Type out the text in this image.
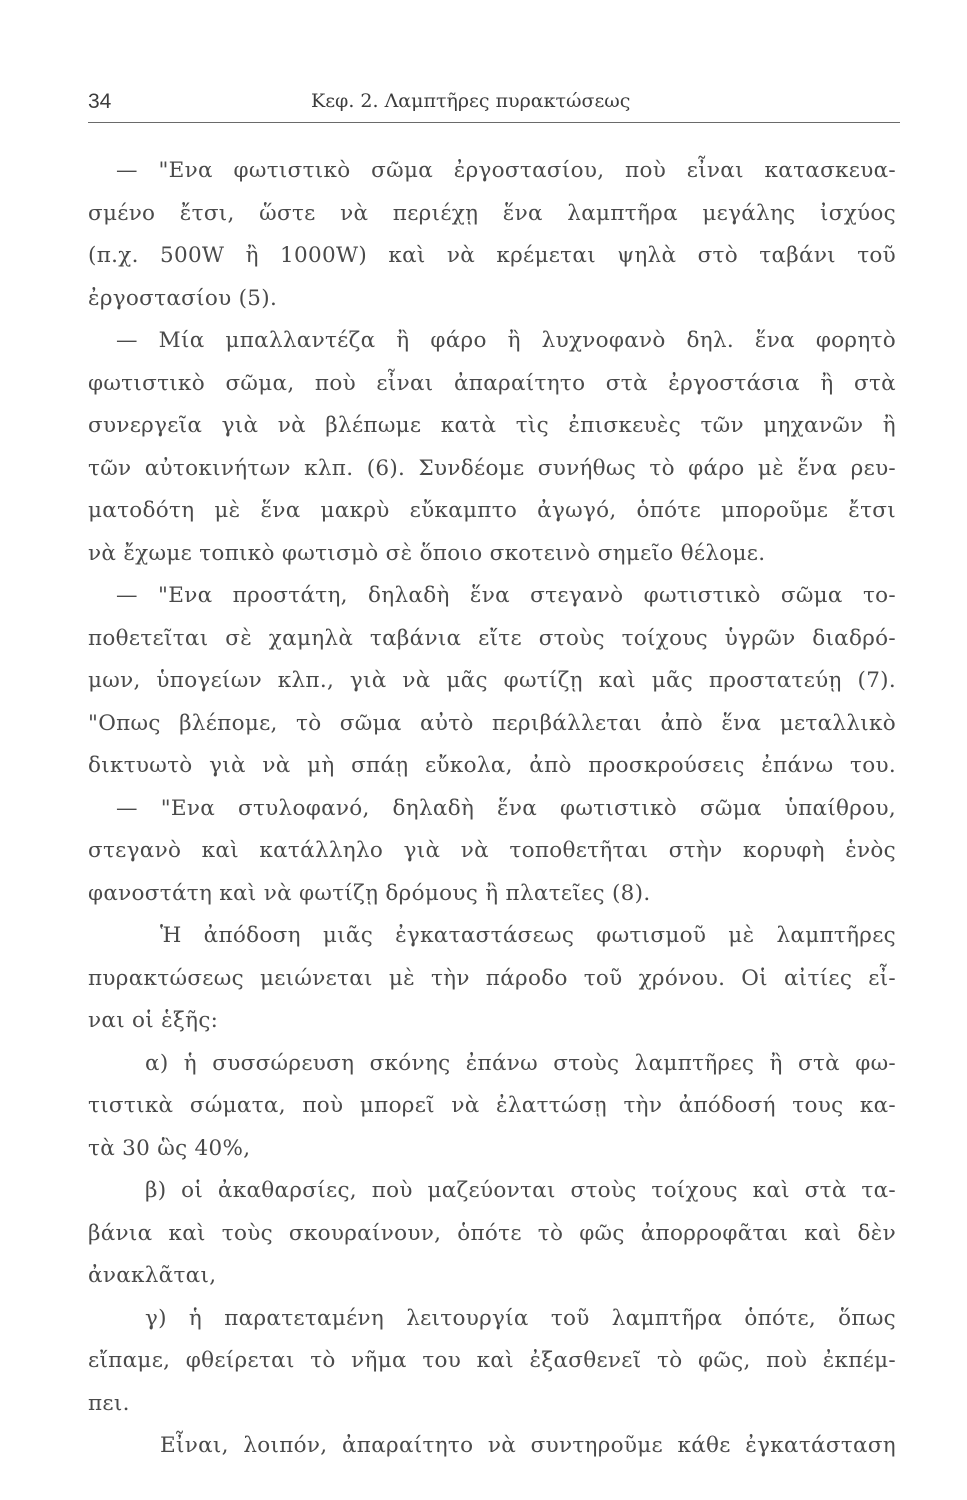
34	Κεφ. 2. Λαμπτῆρες πυρακτώσεως
— "Ενα φωτιστικὸ σῶμα ἐργοστασίου, ποὺ εἶναι κατασκευα-
σμένο ἔτσι, ὥστε νὰ περιέχῃ ἕνα λαμπτῆρα μεγάλης ἰσχύος
(π.χ. 500W ἢ 1000W) καὶ νὰ κρέμεται ψηλὰ στὸ ταβάνι τοῦ
ἐργοστασίου (5).
— Μία μπαλλαντέζα ἢ φάρο ἢ λυχνοφανὸ δηλ. ἕνα φορητὸ
φωτιστικὸ σῶμα, ποὺ εἶναι ἀπαραίτητο στὰ ἐργοστάσια ἢ στὰ
συνεργεῖα γιὰ νὰ βλέπωμε κατὰ τὶς ἐπισκευὲς τῶν μηχανῶν ἢ
τῶν αὐτοκινήτων κλπ. (6). Συνδέομε συνήθως τὸ φάρο μὲ ἕνα ρευ-
ματοδότη μὲ ἕνα μακρὺ εὔκαμπτο ἀγωγό, ὁπότε μποροῦμε ἔτσι
νὰ ἔχωμε τοπικὸ φωτισμὸ σὲ ὅποιο σκοτεινὸ σημεῖο θέλομε.
— "Ενα προστάτη, δηλαδὴ ἕνα στεγανὸ φωτιστικὸ σῶμα το-
ποθετεῖται σὲ χαμηλὰ ταβάνια εἴτε στοὺς τοίχους ὑγρῶν διαδρό-
μων, ὑπογείων κλπ., γιὰ νὰ μᾶς φωτίζῃ καὶ μᾶς προστατεύῃ (7).
"Οπως βλέπομε, τὸ σῶμα αὐτὸ περιβάλλεται ἀπὸ ἕνα μεταλλικὸ
δικτυωτὸ γιὰ νὰ μὴ σπάῃ εὔκολα, ἀπὸ προσκρούσεις ἐπάνω του.
— "Ενα στυλοφανό, δηλαδὴ ἕνα φωτιστικὸ σῶμα ὑπαίθρου,
στεγανὸ καὶ κατάλληλο γιὰ νὰ τοποθετῆται στὴν κορυφὴ ἑνὸς
φανοστάτη καὶ νὰ φωτίζῃ δρόμους ἢ πλατεῖες (8).
Ἡ ἀπόδοση μιᾶς ἐγκαταστάσεως φωτισμοῦ μὲ λαμπτῆρες
πυρακτώσεως μειώνεται μὲ τὴν πάροδο τοῦ χρόνου. Οἱ αἰτίες εἶ-
ναι οἱ ἑξῆς:
α) ἡ συσσώρευση σκόνης ἐπάνω στοὺς λαμπτῆρες ἢ στὰ φω-
τιστικὰ σώματα, ποὺ μπορεῖ νὰ ἐλαττώσῃ τὴν ἀπόδοσή τους κα-
τὰ 30 ὣς 40%,
β) οἱ ἀκαθαρσίες, ποὺ μαζεύονται στοὺς τοίχους καὶ στὰ τα-
βάνια καὶ τοὺς σκουραίνουν, ὁπότε τὸ φῶς ἀπορροφᾶται καὶ δὲν
ἀνακλᾶται,
γ) ἡ παρατεταμένη λειτουργία τοῦ λαμπτῆρα ὁπότε, ὅπως
εἴπαμε, φθείρεται τὸ νῆμα του καὶ ἐξασθενεῖ τὸ φῶς, ποὺ ἐκπέμ-
πει.
Εἶναι, λοιπόν, ἀπαραίτητο νὰ συντηροῦμε κάθε ἐγκατάσταση
